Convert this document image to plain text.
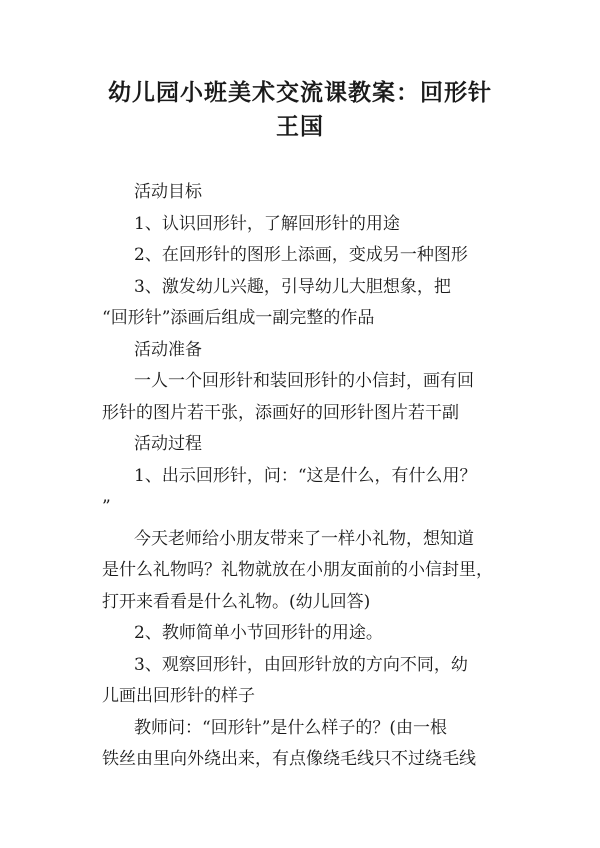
幼儿园小班美术交流课教案：回形针
王国

活动目标

1、认识回形针，了解回形针的用途

2、在回形针的图形上添画，变成另一种图形

3、激发幼儿兴趣，引导幼儿大胆想象，把

“回形针”添画后组成一副完整的作品

活动准备

一人一个回形针和装回形针的小信封，画有回

形针的图片若干张，添画好的回形针图片若干副

活动过程

1、出示回形针，问：“这是什么，有什么用？

”

今天老师给小朋友带来了一样小礼物，想知道

是什么礼物吗？礼物就放在小朋友面前的小信封里，

打开来看看是什么礼物。(幼儿回答)

2、教师简单小节回形针的用途。

3、观察回形针，由回形针放的方向不同，幼

儿画出回形针的样子

教师问：“回形针”是什么样子的？(由一根

铁丝由里向外绕出来，有点像绕毛线只不过绕毛线
